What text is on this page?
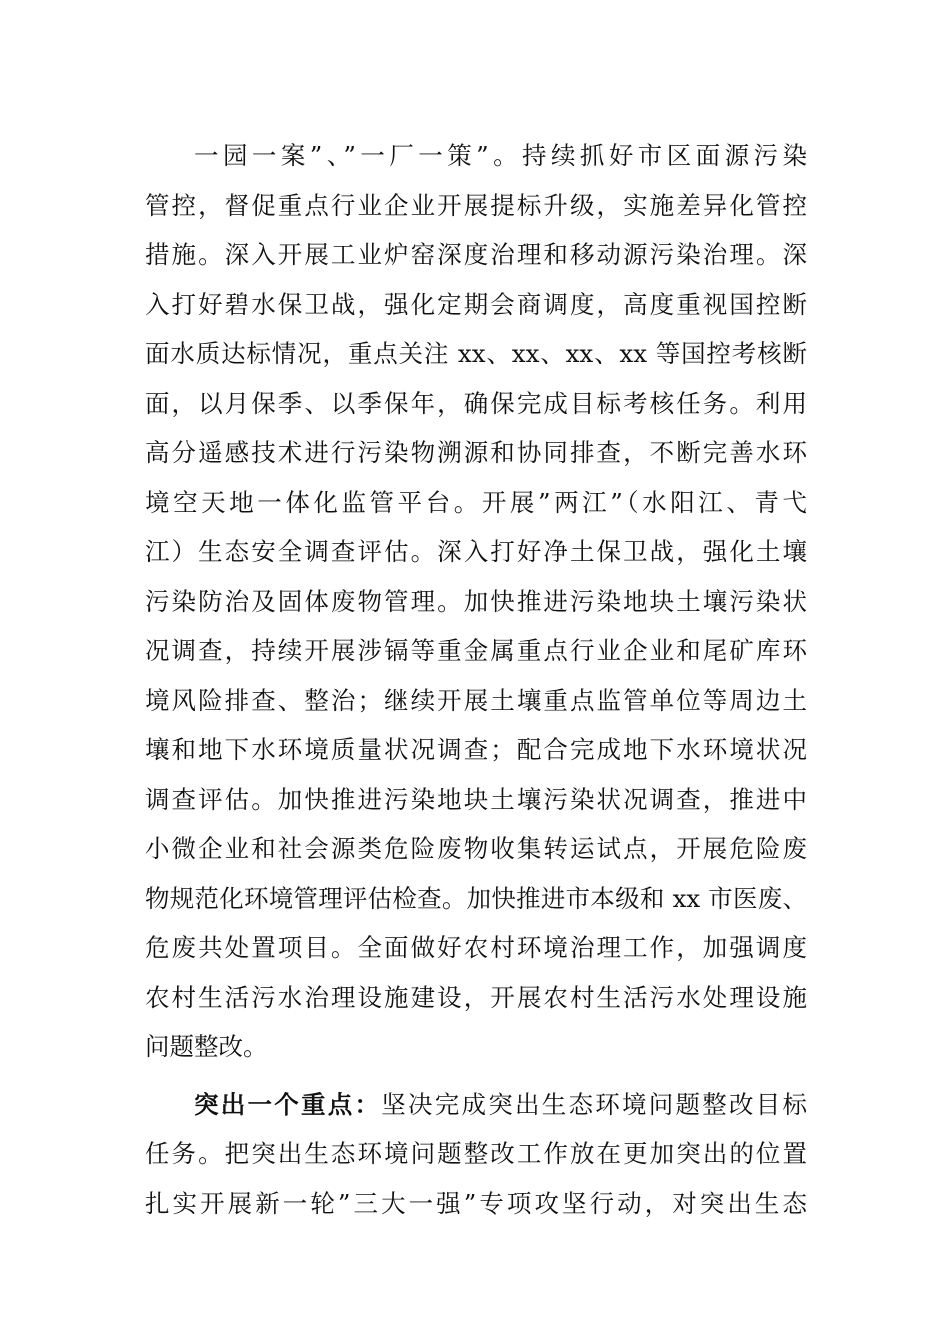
一园一案”、”一厂一策”。持续抓好市区面源污染
管控，督促重点行业企业开展提标升级，实施差异化管控
措施。深入开展工业炉窑深度治理和移动源污染治理。深
入打好碧水保卫战，强化定期会商调度，高度重视国控断
面水质达标情况，重点关注 xx、xx、xx、xx 等国控考核断
面，以月保季、以季保年，确保完成目标考核任务。利用
高分遥感技术进行污染物溯源和协同排查，不断完善水环
境空天地一体化监管平台。开展”两江”（水阳江、青弋
江）生态安全调查评估。深入打好净土保卫战，强化土壤
污染防治及固体废物管理。加快推进污染地块土壤污染状
况调查，持续开展涉镉等重金属重点行业企业和尾矿库环
境风险排查、整治；继续开展土壤重点监管单位等周边土
壤和地下水环境质量状况调查；配合完成地下水环境状况
调查评估。加快推进污染地块土壤污染状况调查，推进中
小微企业和社会源类危险废物收集转运试点，开展危险废
物规范化环境管理评估检查。加快推进市本级和 xx 市医废、
危废共处置项目。全面做好农村环境治理工作，加强调度
农村生活污水治理设施建设，开展农村生活污水处理设施
问题整改。
突出一个重点：坚决完成突出生态环境问题整改目标
任务。把突出生态环境问题整改工作放在更加突出的位置
扎实开展新一轮”三大一强”专项攻坚行动，对突出生态
